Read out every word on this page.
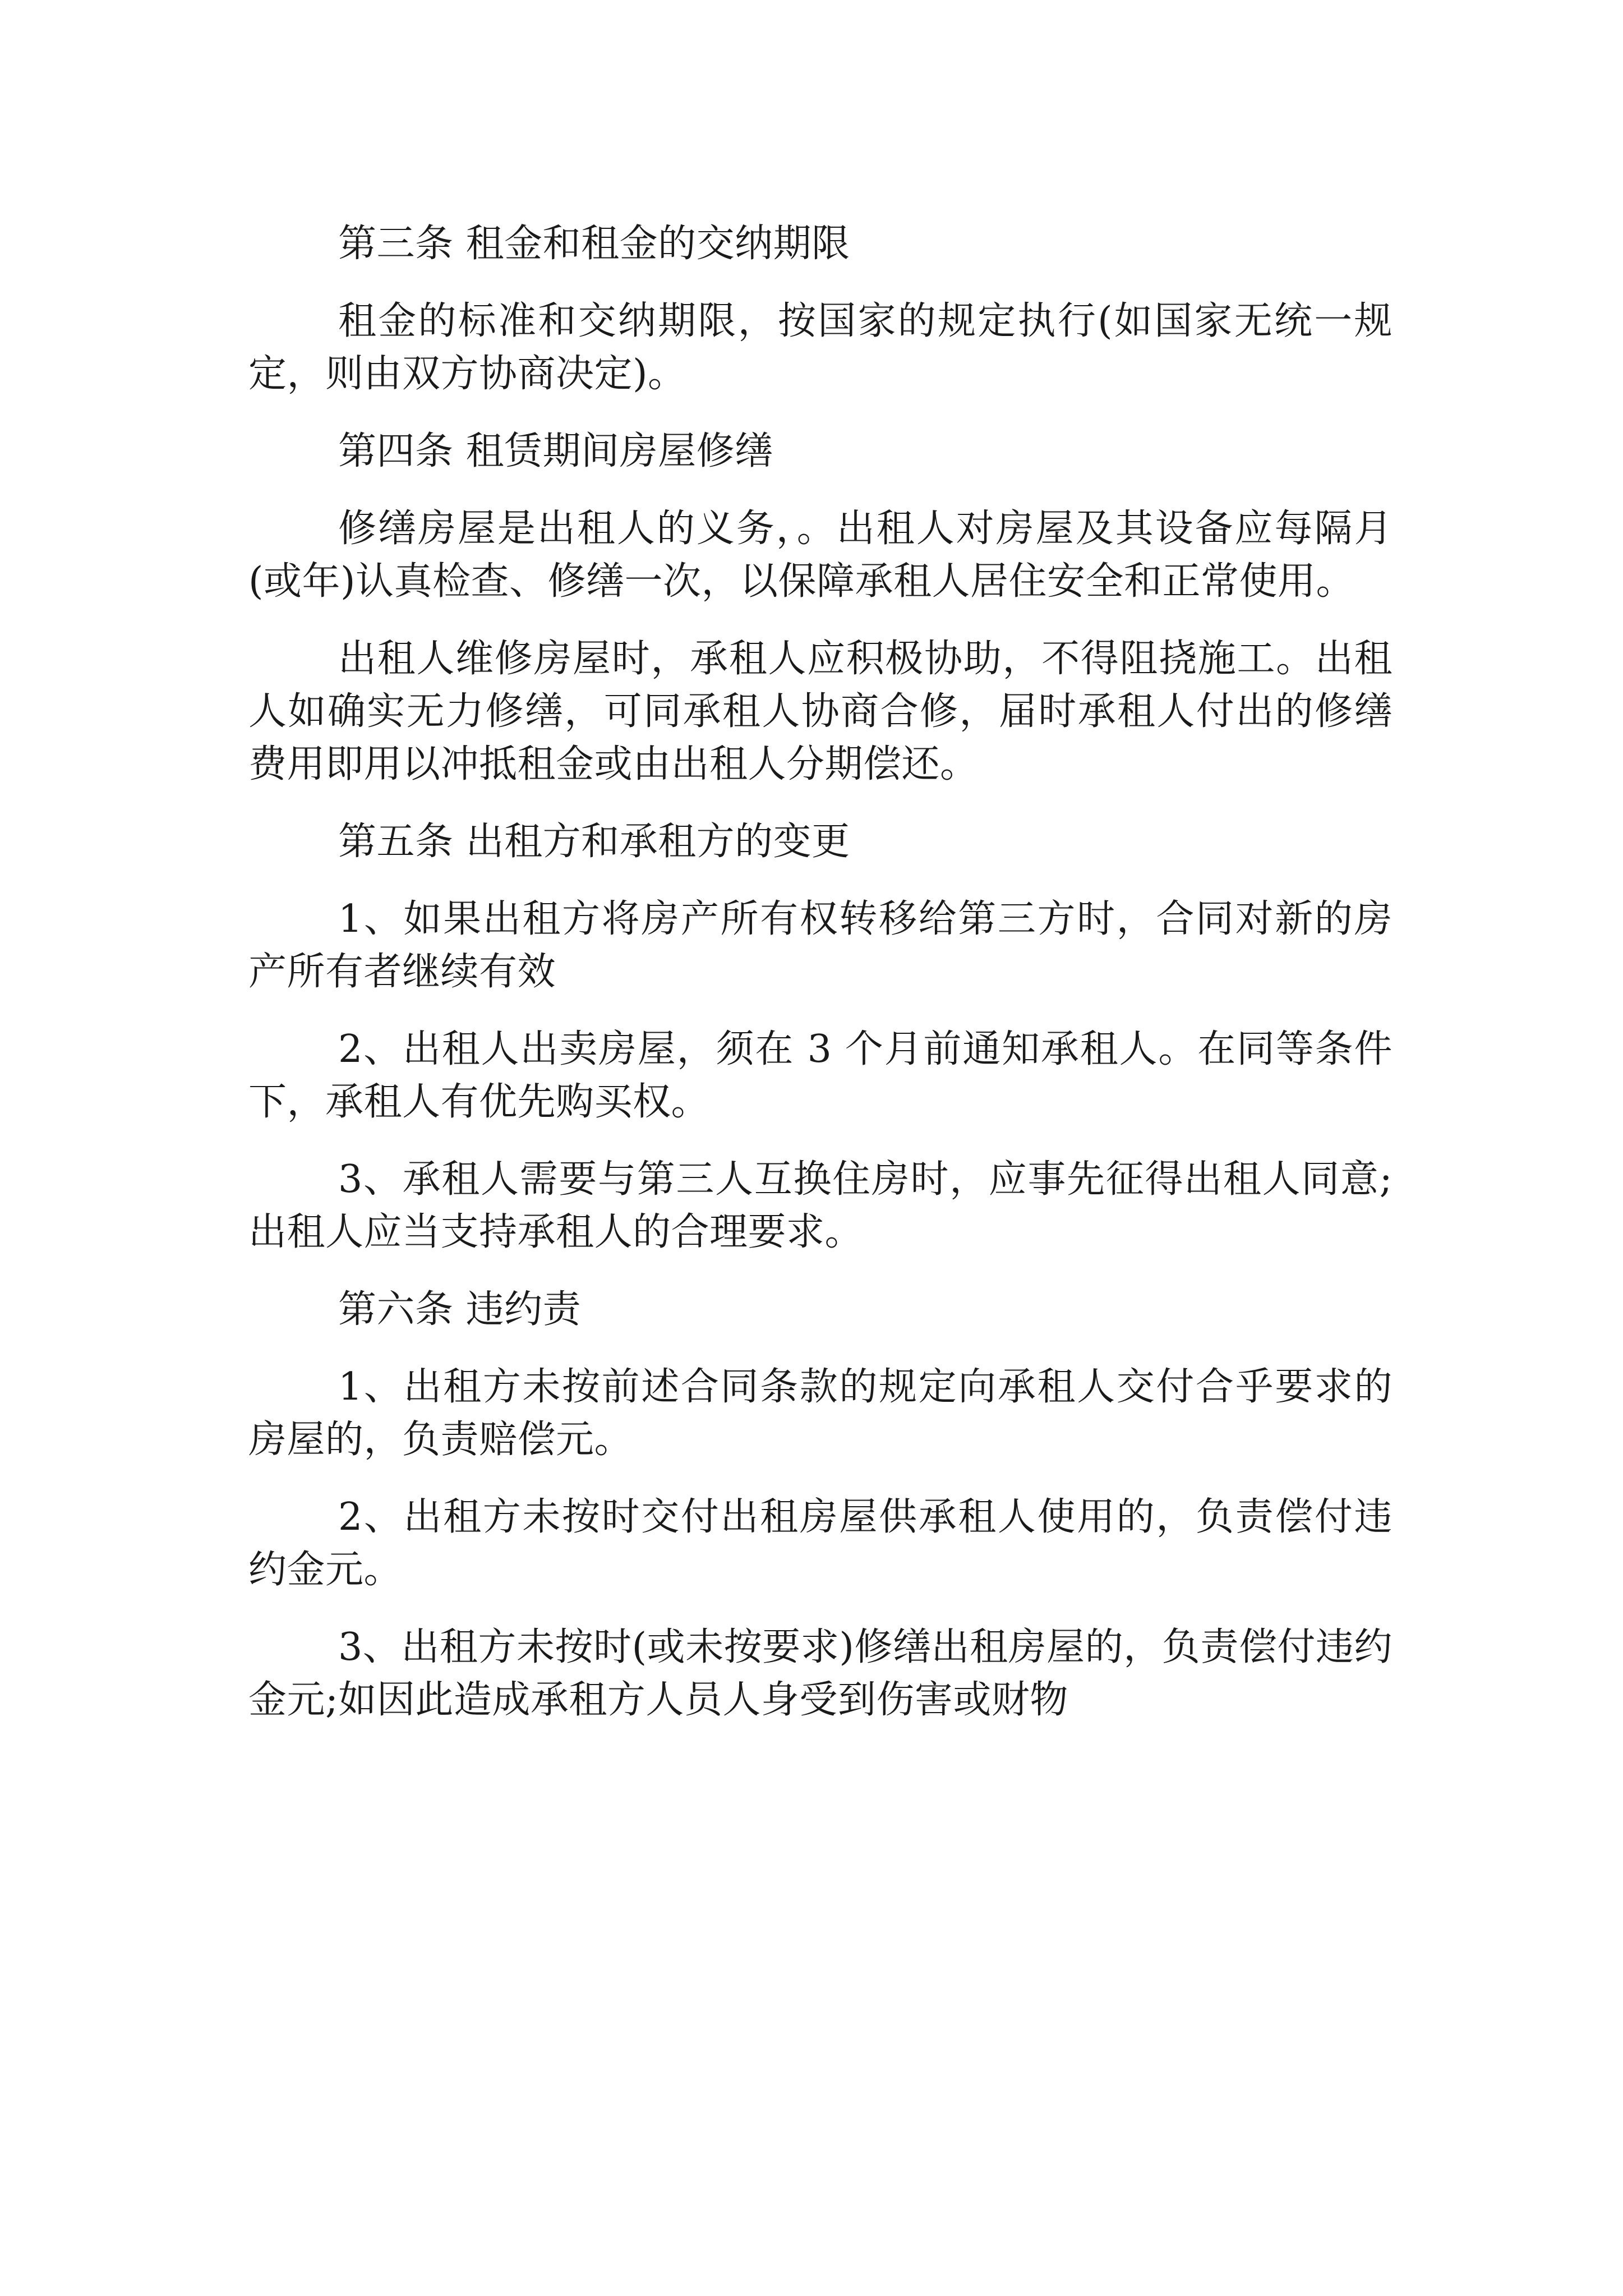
第三条 租金和租金的交纳期限

租金的标准和交纳期限，按国家的规定执行(如国家无统一规定，则由双方协商决定)。

第四条 租赁期间房屋修缮

修缮房屋是出租人的义务，。出租人对房屋及其设备应每隔月(或年)认真检查、修缮一次，以保障承租人居住安全和正常使用。

出租人维修房屋时，承租人应积极协助，不得阻挠施工。出租人如确实无力修缮，可同承租人协商合修，届时承租人付出的修缮费用即用以冲抵租金或由出租人分期偿还。

第五条 出租方和承租方的变更

1、如果出租方将房产所有权转移给第三方时，合同对新的房产所有者继续有效

2、出租人出卖房屋，须在 3 个月前通知承租人。在同等条件下，承租人有优先购买权。

3、承租人需要与第三人互换住房时，应事先征得出租人同意;出租人应当支持承租人的合理要求。

第六条 违约责

1、出租方未按前述合同条款的规定向承租人交付合乎要求的房屋的，负责赔偿元。

2、出租方未按时交付出租房屋供承租人使用的，负责偿付违约金元。

3、出租方未按时(或未按要求)修缮出租房屋的，负责偿付违约金元;如因此造成承租方人员人身受到伤害或财物
